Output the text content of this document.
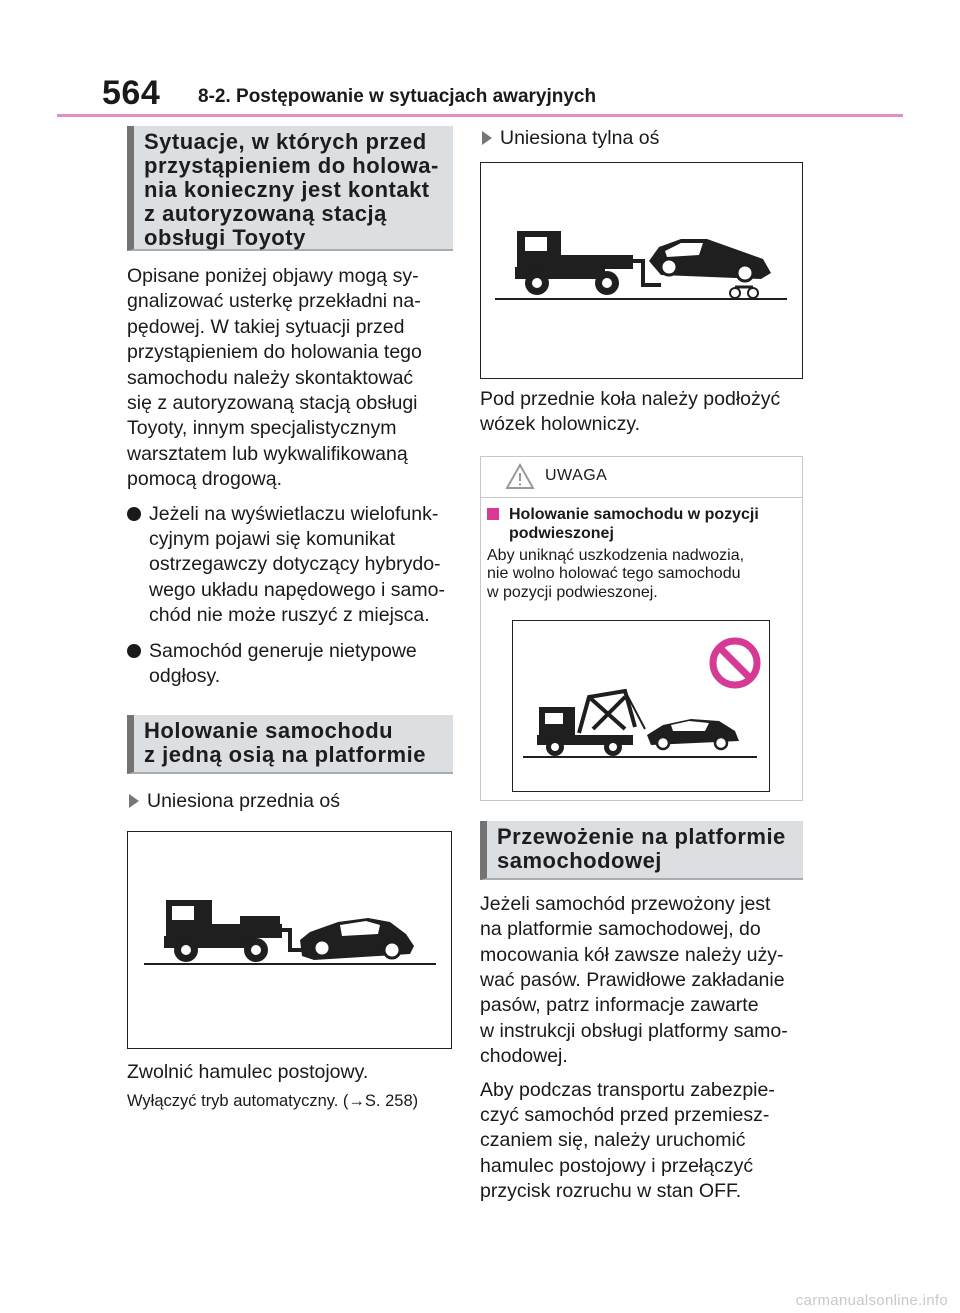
564 8-2. Postępowanie w sytuacjach awaryjnych
Sytuacje, w których przed
przystąpieniem do holowa-
nia konieczny jest kontakt
z autoryzowaną stacją
obsługi Toyoty
Opisane poniżej objawy mogą sy-
gnalizować usterkę przekładni na-
pędowej. W takiej sytuacji przed
przystąpieniem do holowania tego
samochodu należy skontaktować
się z autoryzowaną stacją obsługi
Toyoty, innym specjalistycznym
warsztatem lub wykwalifikowaną
pomocą drogową.
Jeżeli na wyświetlaczu wielofunk-
cyjnym pojawi się komunikat
ostrzegawczy dotyczący hybrydo-
wego układu napędowego i samo-
chód nie może ruszyć z miejsca.
Samochód generuje nietypowe
odgłosy.
Holowanie samochodu
z jedną osią na platformie
Uniesiona przednia oś
Zwolnić hamulec postojowy.
Wyłączyć tryb automatyczny. (→S. 258)
Uniesiona tylna oś
Pod przednie koła należy podłożyć
wózek holowniczy.
UWAGA
Holowanie samochodu w pozycji
podwieszonej
Aby uniknąć uszkodzenia nadwozia,
nie wolno holować tego samochodu
w pozycji podwieszonej.
Przewożenie na platformie
samochodowej
Jeżeli samochód przewożony jest
na platformie samochodowej, do
mocowania kół zawsze należy uży-
wać pasów. Prawidłowe zakładanie
pasów, patrz informacje zawarte
w instrukcji obsługi platformy samo-
chodowej.
Aby podczas transportu zabezpie-
czyć samochód przed przemiesz-
czaniem się, należy uruchomić
hamulec postojowy i przełączyć
przycisk rozruchu w stan OFF.
carmanualsonline.info
